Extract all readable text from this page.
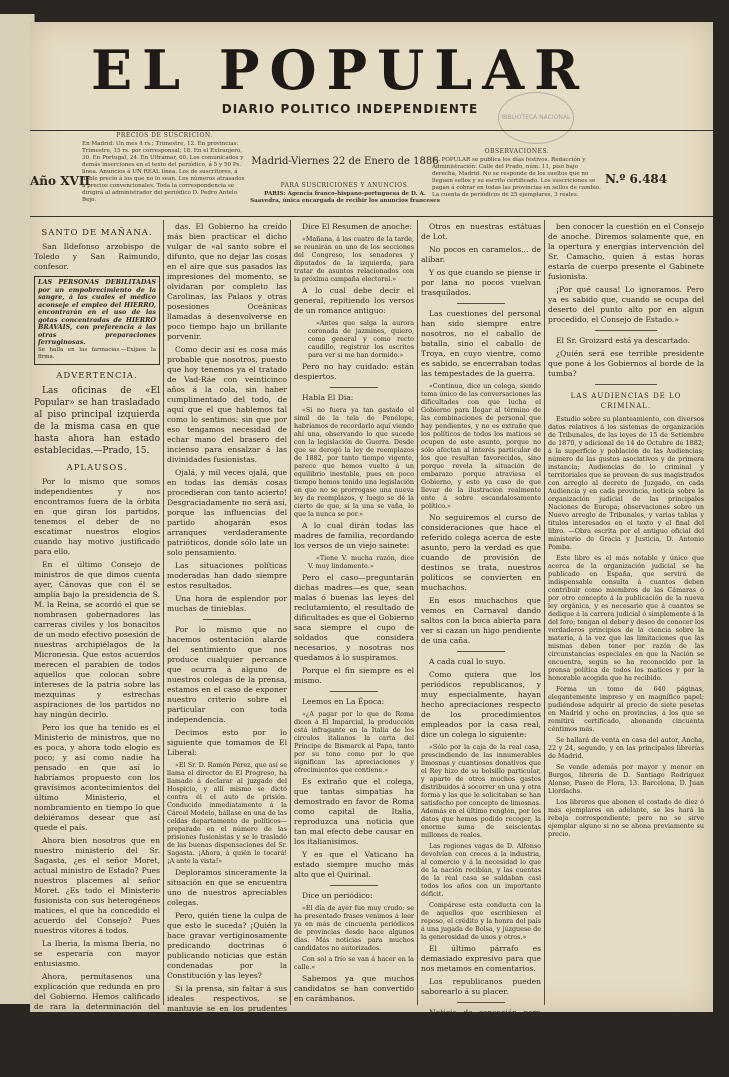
EL POPULAR
DIARIO POLITICO INDEPENDIENTE
BIBLIOTECA NACIONAL
Año XVII
PRECIOS DE SUSCRICION.
En Madrid: Un mes 4 rs.; Trimestre, 12. En provincias: Trimestre, 15 rs. por corresponsal; 18. En el Extranjero, 30. En Portugal, 24. En Ultramar, 60. Los comunicados y demás inserciones en el texto del periódico, á 5 y 50 Ps. línea. Anuncios á UN REAL línea. Los de suscritores, á doble precio á los que no lo sean. Los números atrasados á precios convencionales. Toda la correspondencia se dirigirá al administrador del periódico D. Pedro Antelo Bejo.
Madrid-Viernes 22 de Enero de 1886
PARA SUSCRICIONES Y ANUNCIOS.
PARIS: Agencia franco-hispano-portuguesa de D. A. Saavedra, única encargada de recibir los anuncios franceses
OBSERVACIONES.
EL POPULAR se publica los días festivos. Redacción y Administración: Calle del Prado, núm. 11, piso bajo derecha, Madrid. No se responde de los sueltos que no lleguen sellos y su escrito certificado. Los suscriciones se pagan á cobrar en todas las provincias en sellos de cambio. La cuenta de periódicos de 25 ejemplares, 3 reales.
N.º 6.484
SANTO DE MAÑANA.

San Ildefonso arzobispo de Toledo y San Raimundo, confesor.

LAS PERSONAS DEBILITADAS por un empobrecimiento de la sangre, á las cuales el médico aconseje el empleo del HIERRO, encontrarán en el uso de las gotas concentradas de HIERRO BRAVAIS, con preferencia á las otras preparaciones ferruginosas.
Se halla en las farmacias.—Exíjase la firma.
ADVERTENCIA.

Las oficinas de «El Popular» se han trasladado al piso principal izquierda de la misma casa en que hasta ahora han estado establecidas.—Prado, 15.

APLAUSOS.

Por lo mismo que somos independientes y nos encontramos fuera de la órbita en que giran los partidos, tenemos el deber de no escatimar nuestros elogios cuando hay motivo justificado para ello.

En el último Consejo de ministros de que dimos cuenta ayer, Cánovas que con él se amplía bajo la presidencia de S. M. la Reina, se acordó el que se nombrasen gobernadores las carreras civiles y los bonacitos de un modo efectivo posesión de nuestras archipiélagos de la Micronesia. Que estos acuerdos merecen el parabien de todos aquellos que colocan sobre intereses de la patria sobre las mezquinas y estrechas aspiraciones de los partidos no hay ningún decirlo.

Pero los que ha tenido es el Ministerio de ministros, que no es poca, y ahora todo elogio es poco; y así como nadie ha pensado en que así lo habríamos propuesto con los gravísimos acontecimientos del último Ministerio, el nombramiento en tiempo lo que debiéramos desear que así quede el país.

Ahora bien nosotros que en nuestro ministerio del Sr. Sagasta, ¿es el señor Moret, actual ministro de Estado? Pues nuestros placemes al señor Moret. ¿Es todo el Ministerio fusionista con sus heterogéneos matices, el que ha concedido el acuerdo del Consejo? Pues nuestros vítores á todos.

La Iberia, la misma Iberia, no se esperaría con mayor entusiasmo.

Ahora, permítasenos una explicación que redunda en pro del Gobierno. Hemos calificado de rara la determinación del Consejo, por la sencilla razón de no estar acostumbrados á este género de medidas.

das. El Gobierno ha creído más bien practicar el dicho vulgar de «al santo sobre el difunto, que no dejar las cosas en el aire que sus pasados las impresiones del momento, se olvidaran por completo las Carolinas, las Palaos y otras posesiones Oceánicas llamadas á desenvolverse en poco tiempo bajo un brillante porvenir.

Como decir así es cosa más probable que nosotros, puesto que hoy tenemos ya el tratado de Vad-Ráe con veinticinco años á la cola, sin haber cumplimentado del todo, de aquí que el que hablemos tal como lo sentimos: sin que por eso tengamos necesidad de echar mano del brasero del incienso para ensalzar á las divinidades fusionistas.

Ojalá, y mil veces ojalá, que en todas las demás cosas procedieran con tanto acierto! Desgraciadamente no será así, porque las influencias del partido ahogarán esos arranques verdaderamente patrióticos, donde sólo late un solo pensamiento.

Las situaciones políticas moderadas han dado siempre estos resultados.

Una hora de esplendor por muchas de tinieblas.

Por lo mismo que no hacemos ostentación alarde del sentimiento que nos produce cualquier percance que ocurra á alguno de nuestros colegas de la prensa, estamos en el caso de exponer nuestro criterio sobre el particular con toda independencia.

Decimos esto por lo siguiente que tomamos de El Liberal:

«El Sr. D. Ramón Pérez, que así se llama el director de El Progreso, ha llamado á declarar al juzgado del Hospicio, y allí mismo se dictó contra él el auto de prisión. Conducido inmediatamente á la Cárcel Modelo, hállase en una de las celdas departamento de políticos—preparado en el número de las prisiones fusionistas y se le trasladó de las buenas dispensaciones del Sr. Sagasta. ¡Ahora, á quién le tocará! ¡A ante la vista!»

Deploramos sinceramente la situación en que se encuentra uno de nuestros apreciables colegas.

Pero, quién tiene la culpa de que esto le suceda? ¡Quién la hace gravar vertiginosamente predicando doctrinas ó publicando noticias que están condenadas por la Constitución y las leyes?

Si la prensa, sin faltar á sus ideales respectivos, se mantuvie se en los prudentes límites que la más vulgar conveniencia aconseja, no serían los periodistas los que tuvieran que ir á ocupar celdas en la Cárcel-modelo.

Por eso toda la rueda.

Dice El Resumen de anoche:

«Mañana, á las cuatro de la tarde, se reunirán en uno de los secciones del Congreso, los senadores y diputados de la izquierda, para tratar de asuntos relacionados con la próxima campaña electoral.»

A lo cual debe decir el general, repitiendo los versos de un romance antiguo:

«Antes que salga la aurora coronada de jazmines, quiero, como general y como recto caudillo, registrar los escritos para ver si me han dormido.»

Pero no hay cuidado: están despiertos.

Habla El Dia:

«Si no fuera ya tan gastado el símil de la tela de Penélope, habríamos de recordarlo aquí viendo ahí una, observando lo que sucede con la legislación de Guerra. Desde que se derogó la ley de reemplazos de 1882, por tanto tiempo vigente, parece que hemos vuelto á un equilibrio inestable, pues en poco tiempo hemos tenido una legislación en que no se prorrogase una nueva ley de reemplazos, y luego se dé la cierto de que, si la una se vaña, lo que la nunca se por.»

A lo cual dirán todas las madres de familia, recordando los versos de un viejo sainete:

«Tiene V. mucha razón, dice V. muy lindamente.»

Pero el caso—preguntarán dichas madres—es que, sean malas ó buenas las leyes del reclutamiento, el resultado de dificultades es que el Gobierno saca siempre el cupo de soldados que considera necesarios, y nosotras nos quedamos á lo suspiramos.

Porque el fin siempre es el mismo.

Leemos en La Época:

«¿A pagar por lo que de Roma dicen á El Imparcial, la producción está infragante en la Italia de los circulos italianos la carta del Príncipe de Bismarck al Papa, tanto por su tono como por lo que significan las apreciaciones y ofrecimientos que contiene.»

Es extraño que el colega, que tantas simpatías ha demostrado en favor de Roma como capital de Italia, reproduzca una noticia que tan mal efecto debe causar en los italianisimos.

Y es que el Vaticano ha estado siempre mucho más alto que el Quirinal.

Dice un periódico:

«El día de ayer fue muy crudo: se ha presentado frases venimos á leer ya en más de cincuenta periódicos de provincias desde hace algunos días. Más noticias para muchos candidatos no autorizados.

Con sol a frío se van á hacer en la calle.»

Sabemos ya que muchos candidatos se han convertido en carámbanos.

Otros en nuestras estátuas de Lot.

No pocos en caramelos... de alíbar.

Y os que cuando se piense ir por lana no pocos vuelvan trasquilados.

Las cuestiones del personal han sido siempre entre nosotros, no el caballo de batalla, sino el caballo de Troya, en cuyo vientre, como es sabido, se encerraban todas las tempestades de la guerra.

«Contínua, dice un colega, siendo tema único de las conversaciones las dificultades con que lucha el Gobierno para llegar al término de las combinaciones de personal que hay pendientes, y no es extraño que los políticos de todos los matices se ocupen de este asunto, porque no sólo afectan al interés particular de los que resultan favorecidos, sino porque revela la situación de embarazo porque atraviesa el Gobierno, y esto ya caso de que llevar de la ilustracion realmente ente á sobre escandalosamente político.»

No seguiremos el curso de consideraciones que hace el referido colega acerca de este asunto, pero la verdad es que cuando de provisión de destinos se trata, nuestros políticos se convierten en muchachos.

En esos muchachos que vemos en Carnaval dando saltos con la boca abierta para ver si cazan un higo pendiente de una caña.

A cada cual lo suyo.

Como quiera que los periódicos republicanos, y muy especialmente, hayan hecho apreciaciones respecto de los procedimientos empleados por la casa real, dice un colega lo siguiente:

«Sólo por la caja de la real casa, prescindiendo de las innumerables limosnas y cuantiosos donativos que el Rey hizo de su bolsillo particular, y aparte de otros muchos gastos distribuidos á socorrer en una y otra forma y las que le solicitaban se han satisfecho por concepto de limosnas. Además en el último renglón, por los datos que hemos podido recoger, la enorme suma de seiscientas millones de reales.

Las regiones vagas de D. Alfonso devolvían con creces á la industria, al comercio y á la necesidad lo que de la nación recibían, y las cuentas de la real casa se saldaban casi todos los años con un importante déficit.

Compárese esta conducta con la de aquellos que escribiesen el reposo, el crédito y la honra del país á una jugada de Bolsa, y júzguese de la generosidad de unos y otros.»

El último párrafo es demasiado expresivo para que nos metamos en comentarios.

Los republicanos pueden saborearlo á su placer.

Noticia de sensación para quien la quiera tomar con ó sin chocolate.

Dice La Época:

«Se asegura que los tardarieres que de-»

ben conocer la cuestión en el Consejo de anoche. Diremos solamente que, en la opertura y energías intervención del Sr. Camacho, quien á estas horas estaría de cuerpo presente el Gabinete fusionista.

¡Por qué causa! Lo ignoramos. Pero ya es sabido que, cuando se ocupa del deserto del punto alto por en algun procedido, el Consejo de Estado.»

El Sr. Groizard está ya descartado.

¿Quién será ese terrible presidente que pone á los Gobiernos al borde de la tumba?

LAS AUDIENCIAS DE LO CRIMINAL.

Estudio sobre su planteamiento, con diversos datos relativos á los sistemas de organización de Tribunales, de las leyes de 15 de Setiembre de 1870, y adicional de 14 de Octubre de 1882; á la superficie y población de las Audiencias; número de las gustos asociativos y de primera instancia; Audiencias de lo criminal y territoriales que se proveen de sus magistrados con arreglo al decreto de Juzgado, en cada Audiencia y en cada provincia, noticia sobre la organización judicial de las principales Naciones de Europa; observaciones sobre un Nuevo arreglo de Tribunales, y varias tablas y títulos interesados en el texto y el final del libro. —Obra escrita por el antiguo oficial del ministerio de Gracia y Justicia, D. Antonio Pomba.

Este libro es el más notable y único que acerca de la organización judicial se ha publicado en España, que servirá de indispensable consulta á cuantos deben contribuir como miembros de las Cámaras ó por otro concepto á la publicación de la nueva ley orgánica, y es necesario que á cuantos se dedique á la carrera judicial ó simplemente á la del foro; tengan el deber y deseo de conocer los verdaderos principios de la ciencia sobre la materia, á la vez que las limitaciones que las mismas deben tener por razón de las circunstancias especiales en que la Nación se encuentra, según se ha reconocido por la prensa política de todos los matices y por la honorable acogida que ha recibido.

Forma un tomo de 640 páginas, elegantemente impreso y en magnífico papel; pudiéndose adquirir al precio de siete pesetas en Madrid y ocho en provincias, á los que se remitirá certificado, abonando cincuenta céntimos más.

Se hallará de venta en casa del autor, Ancha, 22 y 24, segundo, y en las principales librerías de Madrid.

Se vende además por mayor y menor en Burgos, librería de D. Santiago Rodríguez Alonso, Paseo de Flora, 13. Barcelona, D. Juan Llordachs.

Los libreros que abonen el costado de diez ó más ejemplares en adelante, se les hará la rebaja correspondiente; pero no se sirve ejemplar alguno si no se abona previamente su precio.
